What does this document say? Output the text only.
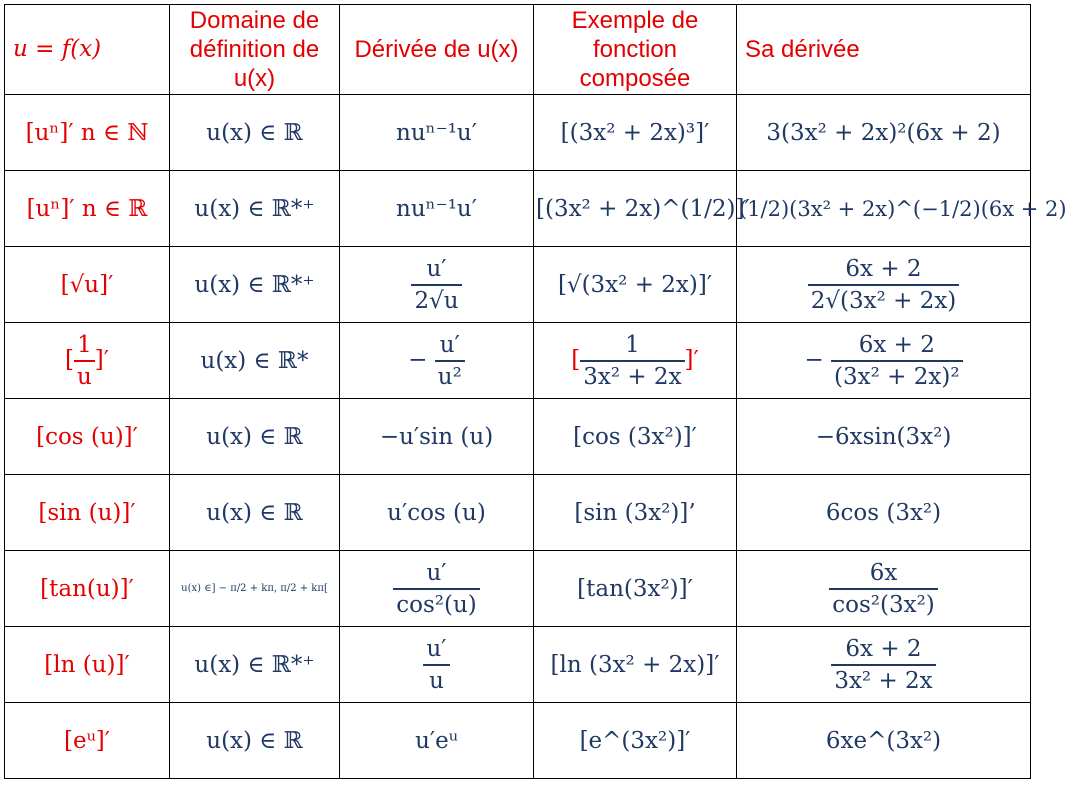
u = f(x)	Domaine de définition de u(x)	Dérivée de u(x)	Exemple de fonction composée	Sa dérivée
[uⁿ]′ n ∈ ℕ	u(x) ∈ ℝ	nuⁿ⁻¹u′	[(3x² + 2x)³]′	3(3x² + 2x)²(6x + 2)
[uⁿ]′ n ∈ ℝ	u(x) ∈ ℝ*⁺	nuⁿ⁻¹u′	[(3x² + 2x)^(1/2)]′	(1/2)(3x² + 2x)^(−1/2)(6x + 2)
[√u]′	u(x) ∈ ℝ*⁺	$\frac{u'}{2√u}$	[√(3x² + 2x)]′	$\frac{6x + 2}{\text{2√(3x² + 2x)}}$

[ $\frac{1}{u}$ ]′	u(x) ∈ ℝ*	− $\frac{u'}{\text{u²}}$	[ $\frac{1}{\text{3x² + 2x}}$ ]′	− $\frac{6x + 2}{\text{(3x² + 2x)²}}$

[cos (u)]′	u(x) ∈ ℝ	−u′sin (u)	[cos (3x²)]′	−6xsin(3x²)
[sin (u)]′	u(x) ∈ ℝ	u′cos (u)	[sin (3x²)]’	6cos (3x²)
[tan(u)]′	u(x) ∈] − π/2 + kπ, π/2 + kπ[	$\frac{u'}{\text{cos²(u)}}$	[tan(3x²)]′	$\frac{6x}{\text{cos²(3x²)}}$

[ln (u)]′	u(x) ∈ ℝ*⁺	$\frac{u'}{u}$	[ln (3x² + 2x)]′	$\frac{6x + 2}{\text{3x² + 2x}}$

[eᵘ]′	u(x) ∈ ℝ	u′eᵘ	[e^(3x²)]′	6xe^(3x²)
